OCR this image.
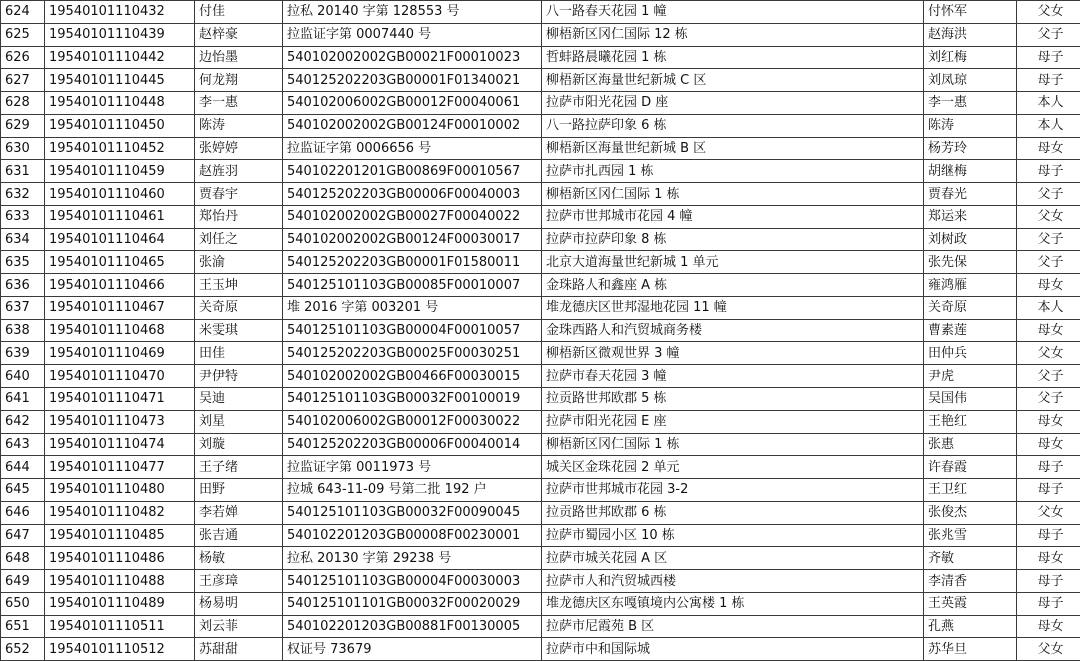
624	19540101110432	付佳	拉私 20140 字第 128553 号	八一路春天花园 1 幢	付怀军	父女
625	19540101110439	赵梓豪	拉监证字第 0007440 号	柳梧新区冈仁国际 12 栋	赵海洪	父子
626	19540101110442	边怡墨	540102002002GB00021F00010023	哲蚌路晨曦花园 1 栋	刘红梅	母子
627	19540101110445	何龙翔	540125202203GB00001F01340021	柳梧新区海量世纪新城 C 区	刘凤琼	母子
628	19540101110448	李一惠	540102006002GB00012F00040061	拉萨市阳光花园 D 座	李一惠	本人
629	19540101110450	陈涛	540102002002GB00124F00010002	八一路拉萨印象 6 栋	陈涛	本人
630	19540101110452	张婷婷	拉监证字第 0006656 号	柳梧新区海量世纪新城 B 区	杨芳玲	母女
631	19540101110459	赵旌羽	540102201201GB00869F00010567	拉萨市扎西园 1 栋	胡继梅	母子
632	19540101110460	贾春宇	540125202203GB00006F00040003	柳梧新区冈仁国际 1 栋	贾春光	父子
633	19540101110461	郑怡丹	540102002002GB00027F00040022	拉萨市世邦城市花园 4 幢	郑运来	父女
634	19540101110464	刘任之	540102002002GB00124F00030017	拉萨市拉萨印象 8 栋	刘树政	父子
635	19540101110465	张渝	540125202203GB00001F01580011	北京大道海量世纪新城 1 单元	张先保	父子
636	19540101110466	王玉坤	540125101103GB00085F00010007	金珠路人和鑫座 A 栋	雍鸿雁	母女
637	19540101110467	关奇原	堆 2016 字第 003201 号	堆龙德庆区世邦湿地花园 11 幢	关奇原	本人
638	19540101110468	米雯琪	540125101103GB00004F00010057	金珠西路人和汽贸城商务楼	曹素莲	母女
639	19540101110469	田佳	540125202203GB00025F00030251	柳梧新区微观世界 3 幢	田仲兵	父女
640	19540101110470	尹伊特	540102002002GB00466F00030015	拉萨市春天花园 3 幢	尹虎	父子
641	19540101110471	吴迪	540125101103GB00032F00100019	拉贡路世邦欧郡 5 栋	吴国伟	父子
642	19540101110473	刘星	540102006002GB00012F00030022	拉萨市阳光花园 E 座	王艳红	母女
643	19540101110474	刘璇	540125202203GB00006F00040014	柳梧新区冈仁国际 1 栋	张惠	母女
644	19540101110477	王子绪	拉监证字第 0011973 号	城关区金珠花园 2 单元	许春霞	母子
645	19540101110480	田野	拉城 643-11-09 号第二批 192 户	拉萨市世邦城市花园 3-2	王卫红	母子
646	19540101110482	李若婵	540125101103GB00032F00090045	拉贡路世邦欧郡 6 栋	张俊杰	父女
647	19540101110485	张吉通	540102201203GB00008F00230001	拉萨市蜀园小区 10 栋	张兆雪	母子
648	19540101110486	杨敏	拉私 20130 字第 29238 号	拉萨市城关花园 A 区	齐敏	母女
649	19540101110488	王彦璋	540125101103GB00004F00030003	拉萨市人和汽贸城西楼	李清香	母子
650	19540101110489	杨易明	540125101101GB00032F00020029	堆龙德庆区东嘎镇境内公寓楼 1 栋	王英霞	母子
651	19540101110511	刘云菲	540102201203GB00881F00130005	拉萨市尼霞苑 B 区	孔燕	母女
652	19540101110512	苏甜甜	权证号 73679	拉萨市中和国际城	苏华旦	父女
